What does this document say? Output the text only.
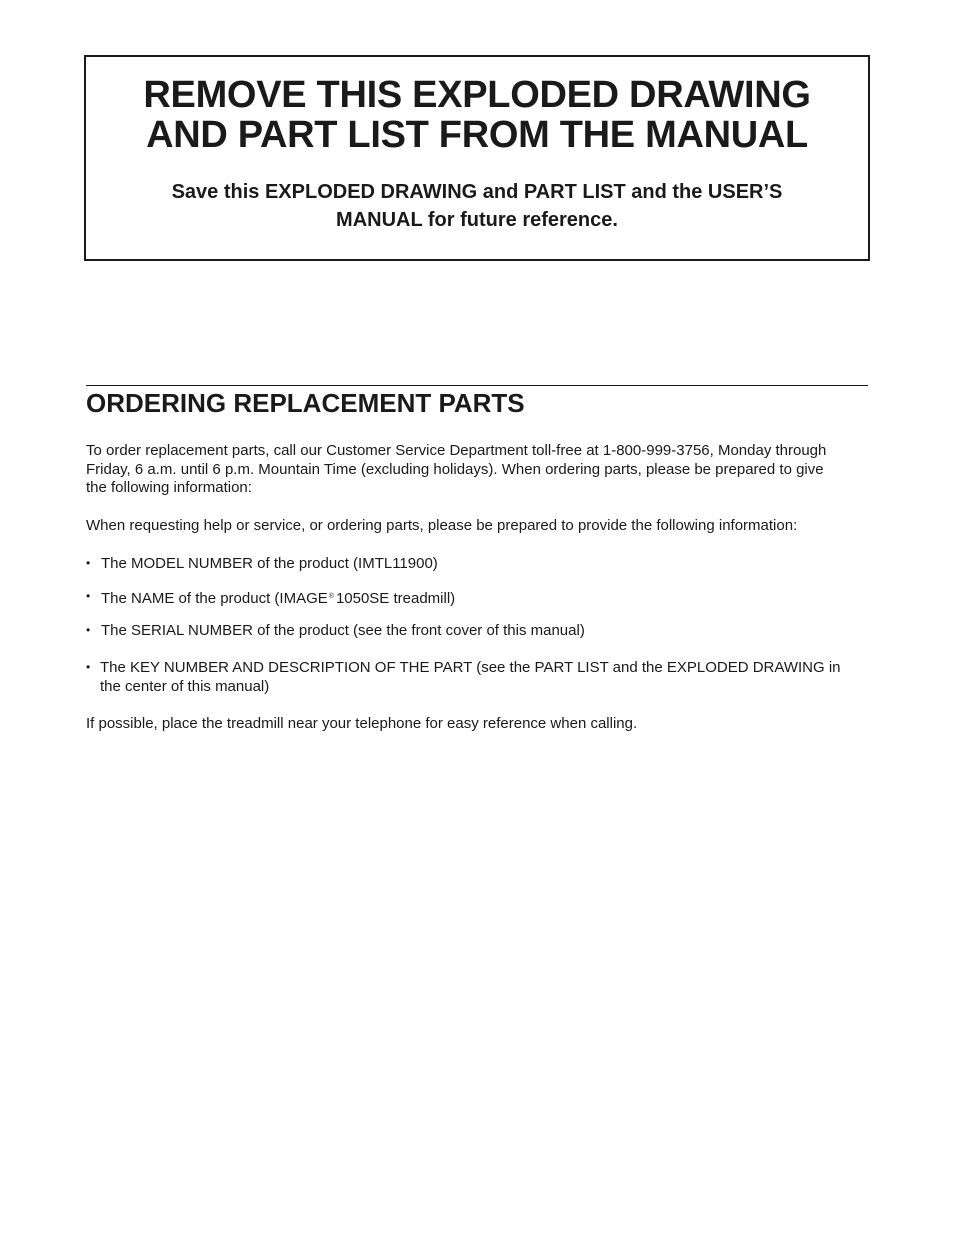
REMOVE THIS EXPLODED DRAWING
AND PART LIST FROM THE MANUAL
Save this EXPLODED DRAWING and PART LIST and the USER’S
MANUAL for future reference.
ORDERING REPLACEMENT PARTS

To order replacement parts, call our Customer Service Department toll-free at 1-800-999-3756, Monday through
Friday, 6 a.m. until 6 p.m. Mountain Time (excluding holidays). When ordering parts, please be prepared to give
the following information:

When requesting help or service, or ordering parts, please be prepared to provide the following information:

• The MODEL NUMBER of the product (IMTL11900)
• The NAME of the product (IMAGE® 1050SE treadmill)
• The SERIAL NUMBER of the product (see the front cover of this manual)
• The KEY NUMBER AND DESCRIPTION OF THE PART (see the PART LIST and the EXPLODED DRAWING in
the center of this manual)

If possible, place the treadmill near your telephone for easy reference when calling.
